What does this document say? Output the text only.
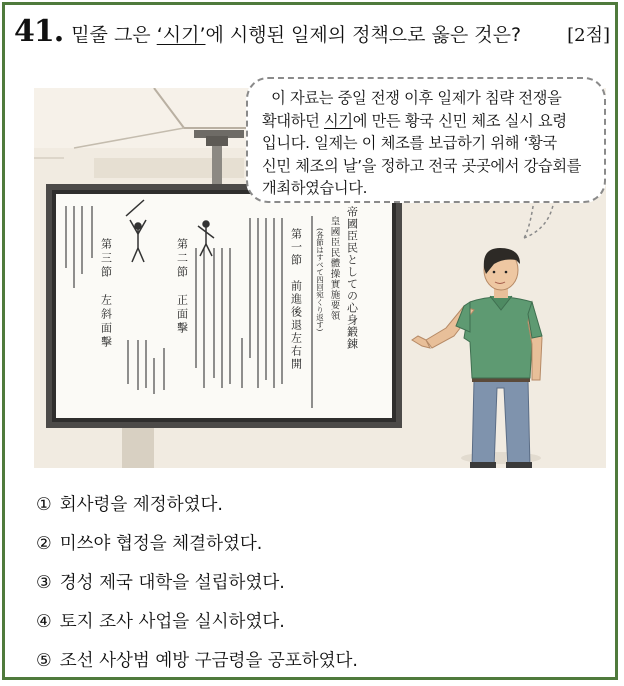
41. 밑줄 그은 ‘시기’에 시행된 일제의 정책으로 옳은 것은?	[2점]
帝國臣民としての心身鍛錬
皇國臣民體操實施要領
(各節はすべて四回宛くり返す)
第一節　前進後退左右開
第二節　正面擊
第三節　左斜面擊

이 자료는 중일 전쟁 이후 일제가 침략 전쟁을

확대하던 시기에 만든 황국 신민 체조 실시 요령

입니다. 일제는 이 체조를 보급하기 위해 ‘황국

신민 체조의 날’을 정하고 전국 곳곳에서 강습회를

개최하였습니다.

① 회사령을 제정하였다.
② 미쓰야 협정을 체결하였다.
③ 경성 제국 대학을 설립하였다.
④ 토지 조사 사업을 실시하였다.
⑤ 조선 사상범 예방 구금령을 공포하였다.
